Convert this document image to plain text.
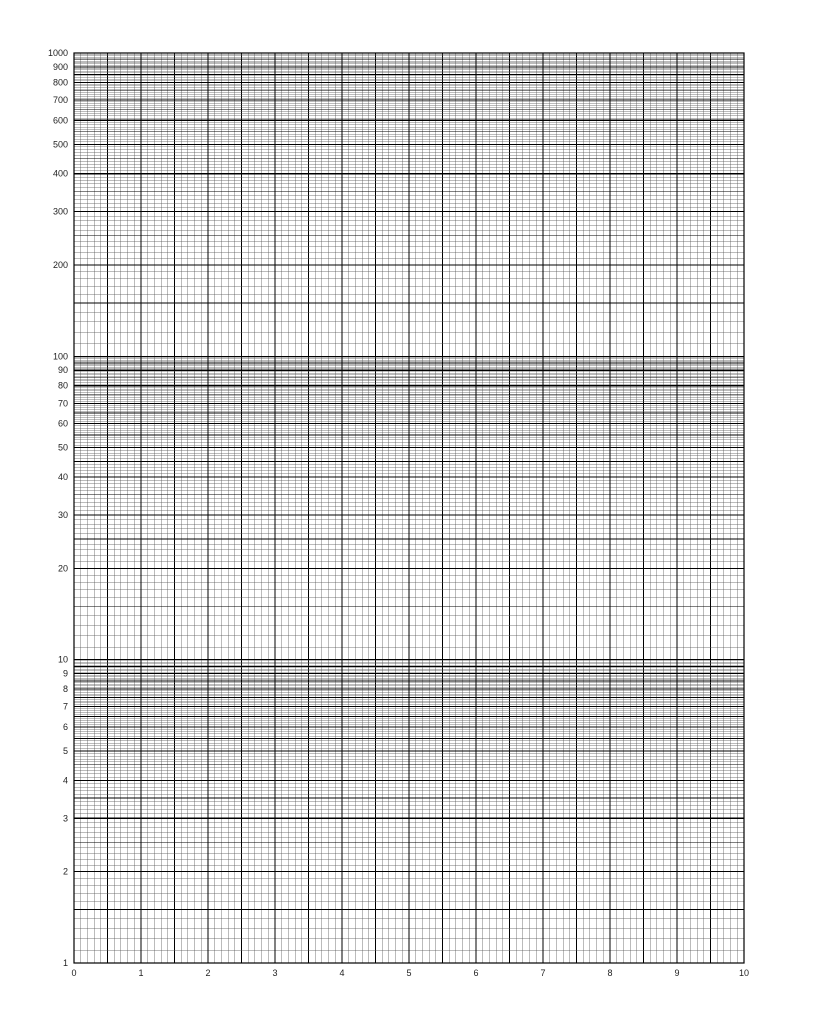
1
2
3
4
5
6
7
8
9
10
20
30
40
50
60
70
80
90
100
200
300
400
500
600
700
800
900
1000
0	1	2	3	4	5	6	7	8	9	10
